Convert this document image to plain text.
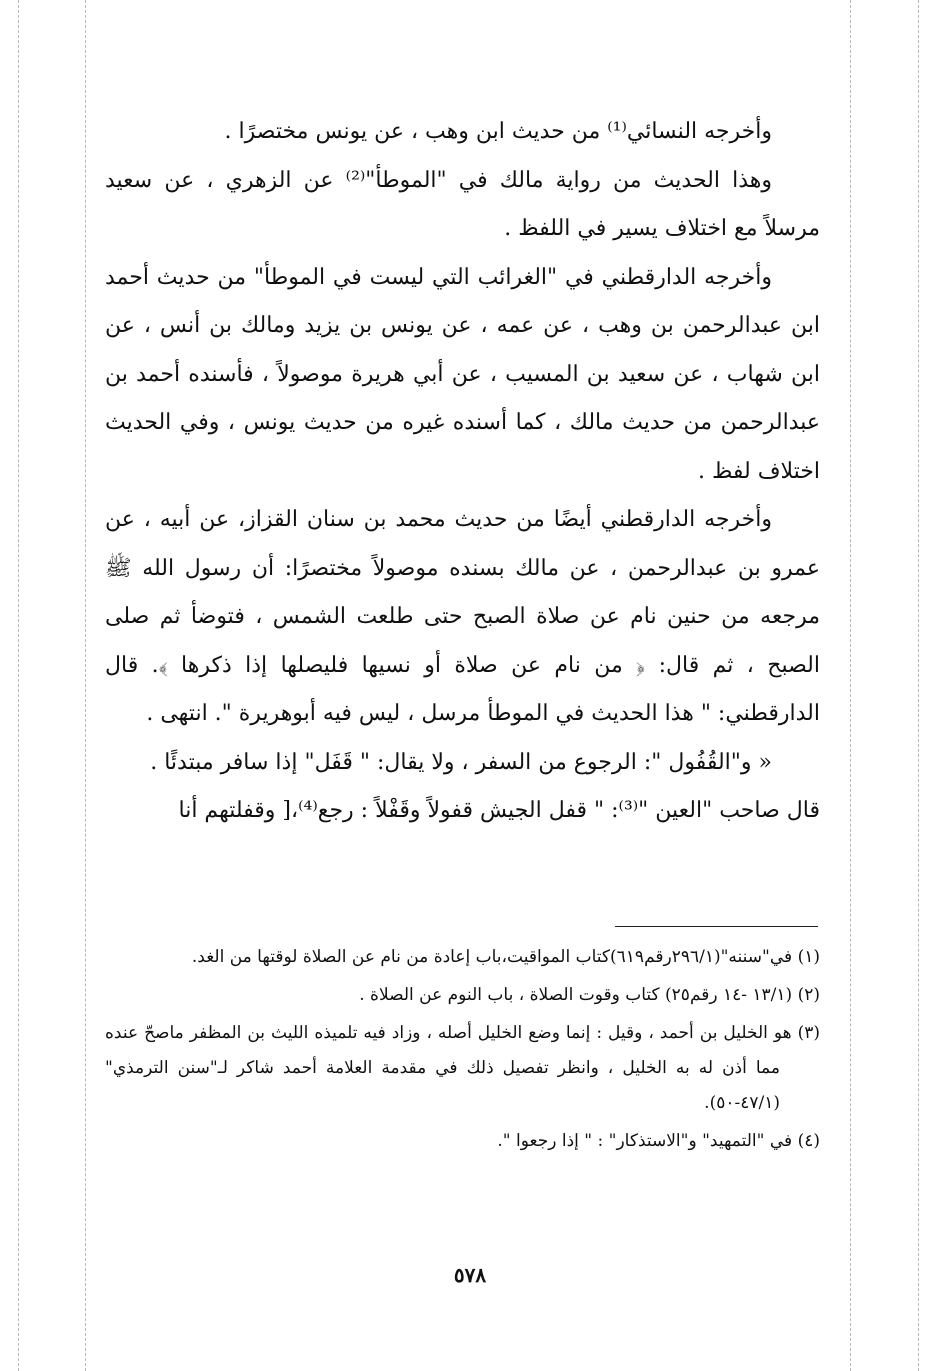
وأخرجه النسائي⁽¹⁾ من حديث ابن وهب ، عن يونس مختصرًا .

وهذا الحديث من رواية مالك في "الموطأ"⁽²⁾ عن الزهري ، عن سعيد مرسلاً مع اختلاف يسير في اللفظ .

وأخرجه الدارقطني في "الغرائب التي ليست في الموطأ" من حديث أحمد ابن عبدالرحمن بن وهب ، عن عمه ، عن يونس بن يزيد ومالك بن أنس ، عن ابن شهاب ، عن سعيد بن المسيب ، عن أبي هريرة موصولاً ، فأسنده أحمد بن عبدالرحمن من حديث مالك ، كما أسنده غيره من حديث يونس ، وفي الحديث اختلاف لفظ .

وأخرجه الدارقطني أيضًا من حديث محمد بن سنان القزاز، عن أبيه ، عن عمرو بن عبدالرحمن ، عن مالك بسنده موصولاً مختصرًا: أن رسول الله ﷺ مرجعه من حنين نام عن صلاة الصبح حتى طلعت الشمس ، فتوضأ ثم صلى الصبح ، ثم قال: ﴿ من نام عن صلاة أو نسيها فليصلها إذا ذكرها ﴾. قال الدارقطني: " هذا الحديث في الموطأ مرسل ، ليس فيه أبوهريرة ". انتهى .

« و"القُفُول ": الرجوع من السفر ، ولا يقال: " قَفَل" إذا سافر مبتدئًا .

قال صاحب "العين "⁽³⁾: " قفل الجيش قفولاً وقَفْلاً : رجع⁽⁴⁾،[ وقفلتهم أنا

(١) في"سننه"(٢٩٦/١رقم٦١٩)كتاب المواقيت،باب إعادة من نام عن الصلاة لوقتها من الغد.

(٢) (١٣/١ -١٤ رقم٢٥) كتاب وقوت الصلاة ، باب النوم عن الصلاة .

(٣) هو الخليل بن أحمد ، وقيل : إنما وضع الخليل أصله ، وزاد فيه تلميذه الليث بن المظفر ماصحّ عنده مما أذن له به الخليل ، وانظر تفصيل ذلك في مقدمة العلامة أحمد شاكر لـ"سنن الترمذي" (٤٧/١-٥٠).

(٤) في "التمهيد" و"الاستذكار" : " إذا رجعوا ".

٥٧٨
